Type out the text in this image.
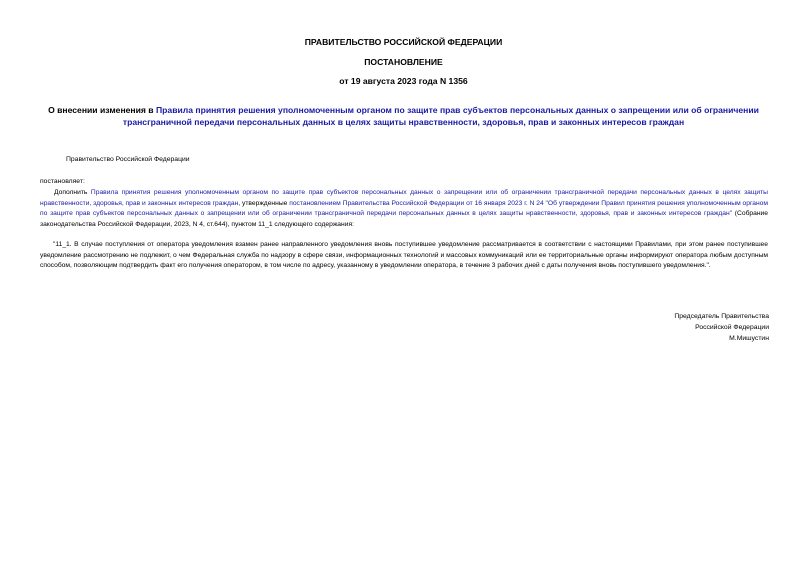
ПРАВИТЕЛЬСТВО РОССИЙСКОЙ ФЕДЕРАЦИИ
ПОСТАНОВЛЕНИЕ
от 19 августа 2023 года N 1356
О внесении изменения в Правила принятия решения уполномоченным органом по защите прав субъектов персональных данных о запрещении или об ограничении трансграничной передачи персональных данных в целях защиты нравственности, здоровья, прав и законных интересов граждан
Правительство Российской Федерации
постановляет:
Дополнить Правила принятия решения уполномоченным органом по защите прав субъектов персональных данных о запрещении или об ограничении трансграничной передачи персональных данных в целях защиты нравственности, здоровья, прав и законных интересов граждан, утвержденные постановлением Правительства Российской Федерации от 16 января 2023 г. N 24 "Об утверждении Правил принятия решения уполномоченным органом по защите прав субъектов персональных данных о запрещении или об ограничении трансграничной передачи персональных данных в целях защиты нравственности, здоровья, прав и законных интересов граждан" (Собрание законодательства Российской Федерации, 2023, N 4, ст.644), пунктом 11_1 следующего содержания:
"11_1. В случае поступления от оператора уведомления взамен ранее направленного уведомления вновь поступившее уведомление рассматривается в соответствии с настоящими Правилами, при этом ранее поступившее уведомление рассмотрению не подлежит, о чем Федеральная служба по надзору в сфере связи, информационных технологий и массовых коммуникаций или ее территориальные органы информируют оператора любым доступным способом, позволяющим подтвердить факт его получения оператором, в том числе по адресу, указанному в уведомлении оператора, в течение 3 рабочих дней с даты получения вновь поступившего уведомления.".
Председатель Правительства
Российской Федерации
М.Мишустин
